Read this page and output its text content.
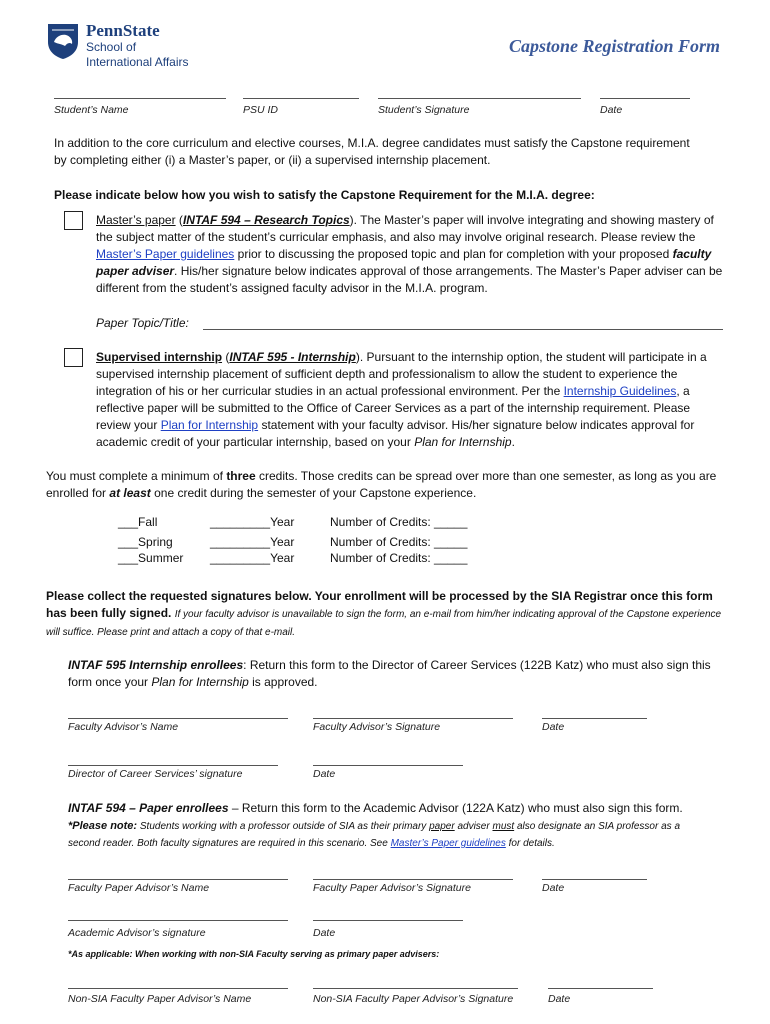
PennState
School of
International Affairs
Capstone Registration Form
Student’s Name	PSU ID	Student’s Signature	Date
In addition to the core curriculum and elective courses, M.I.A. degree candidates must satisfy the Capstone requirement by completing either (i) a Master’s paper, or (ii) a supervised internship placement.
Please indicate below how you wish to satisfy the Capstone Requirement for the M.I.A. degree:
Master’s paper (INTAF 594 – Research Topics). The Master’s paper will involve integrating and showing mastery of the subject matter of the student’s curricular emphasis, and also may involve original research. Please review the Master’s Paper guidelines prior to discussing the proposed topic and plan for completion with your proposed faculty paper adviser. His/her signature below indicates approval of those arrangements. The Master’s Paper adviser can be different from the student’s assigned faculty advisor in the M.I.A. program.
Paper Topic/Title:
Supervised internship (INTAF 595 - Internship). Pursuant to the internship option, the student will participate in a supervised internship placement of sufficient depth and professionalism to allow the student to experience the integration of his or her curricular studies in an actual professional environment. Per the Internship Guidelines, a reflective paper will be submitted to the Office of Career Services as a part of the internship requirement. Please review your Plan for Internship statement with your faculty advisor. His/her signature below indicates approval for academic credit of your particular internship, based on your Plan for Internship.
You must complete a minimum of three credits. Those credits can be spread over more than one semester, as long as you are enrolled for at least one credit during the semester of your Capstone experience.
___Fall	_________Year	Number of Credits: _____
___Spring	_________Year	Number of Credits: _____
___Summer _________Year	Number of Credits: _____
Please collect the requested signatures below. Your enrollment will be processed by the SIA Registrar once this form has been fully signed. If your faculty advisor is unavailable to sign the form, an e-mail from him/her indicating approval of the Capstone experience will suffice. Please print and attach a copy of that e-mail.
INTAF 595 Internship enrollees: Return this form to the Director of Career Services (122B Katz) who must also sign this form once your Plan for Internship is approved.
Faculty Advisor’s Name	Faculty Advisor’s Signature	Date
Director of Career Services’ signature	Date
INTAF 594 – Paper enrollees – Return this form to the Academic Advisor (122A Katz) who must also sign this form.
*Please note: Students working with a professor outside of SIA as their primary paper adviser must also designate an SIA professor as a second reader. Both faculty signatures are required in this scenario. See Master’s Paper guidelines for details.
Faculty Paper Advisor’s Name	Faculty Paper Advisor’s Signature	Date
Academic Advisor’s signature	Date
*As applicable: When working with non-SIA Faculty serving as primary paper advisers:
Non-SIA Faculty Paper Advisor’s Name	Non-SIA Faculty Paper Advisor’s Signature	Date
